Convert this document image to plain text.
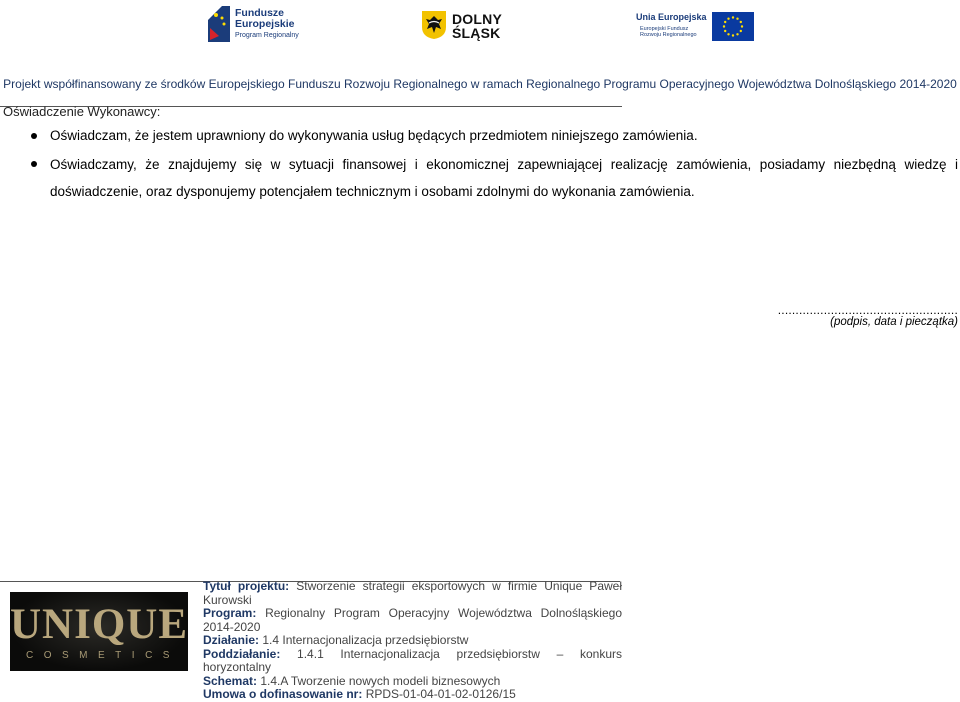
Fundusze
Europejskie
Program Regionalny
DOLNY
ŚLĄSK
Unia Europejska
Europejski Fundusz
Rozwoju Regionalnego
Projekt współfinansowany ze środków Europejskiego Funduszu Rozwoju Regionalnego w ramach Regionalnego Programu Operacyjnego Województwa Dolnośląskiego 2014-2020
Oświadczenie Wykonawcy:
Oświadczam, że jestem uprawniony do wykonywania usług będących przedmiotem niniejszego zamówienia.
Oświadczamy, że znajdujemy się w sytuacji finansowej i ekonomicznej zapewniającej realizację zamówienia, posiadamy niezbędną wiedzę i doświadczenie, oraz dysponujemy potencjałem technicznym i osobami zdolnymi do wykonania zamówienia.
...................................................
(podpis, data i pieczątka)
UNIQUE
COSMETICS
Tytuł projektu: Stworzenie strategii eksportowych w firmie Unique Paweł Kurowski
Program: Regionalny Program Operacyjny Województwa Dolnośląskiego 2014-2020
Działanie: 1.4 Internacjonalizacja przedsiębiorstw
Poddziałanie: 1.4.1 Internacjonalizacja przedsiębiorstw – konkurs horyzontalny
Schemat: 1.4.A Tworzenie nowych modeli biznesowych
Umowa o dofinasowanie nr: RPDS-01-04-01-02-0126/15
